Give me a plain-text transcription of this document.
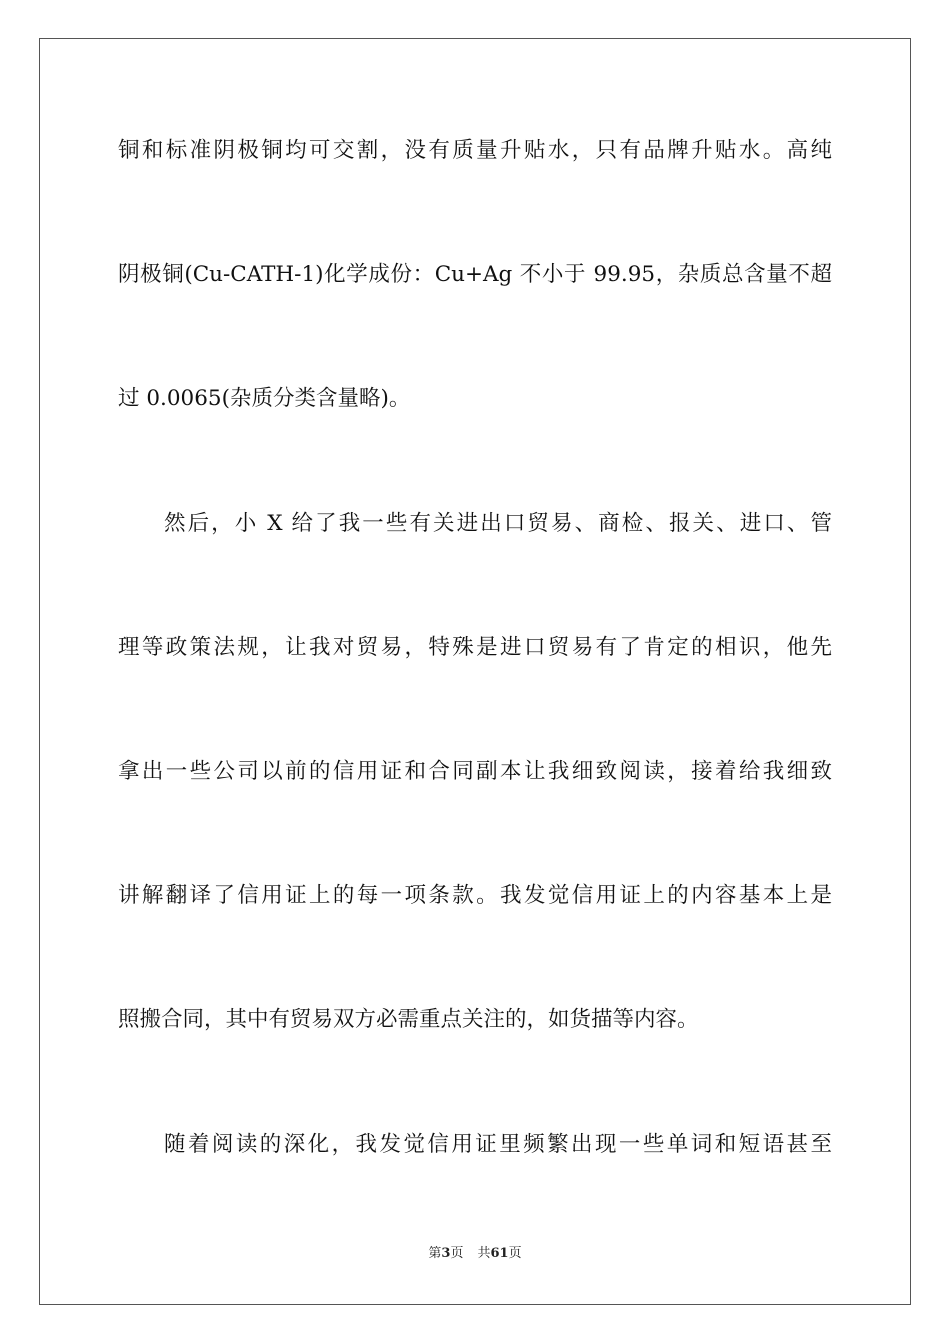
铜和标准阴极铜均可交割，没有质量升贴水，只有品牌升贴水。高纯
阴极铜(Cu-CATH-1)化学成份：Cu+Ag 不小于 99.95，杂质总含量不超
过 0.0065(杂质分类含量略)。
然后，小 X 给了我一些有关进出口贸易、商检、报关、进口、管
理等政策法规，让我对贸易，特殊是进口贸易有了肯定的相识，他先
拿出一些公司以前的信用证和合同副本让我细致阅读，接着给我细致
讲解翻译了信用证上的每一项条款。我发觉信用证上的内容基本上是
照搬合同，其中有贸易双方必需重点关注的，如货描等内容。
随着阅读的深化，我发觉信用证里频繁出现一些单词和短语甚至
第3页 共61页
